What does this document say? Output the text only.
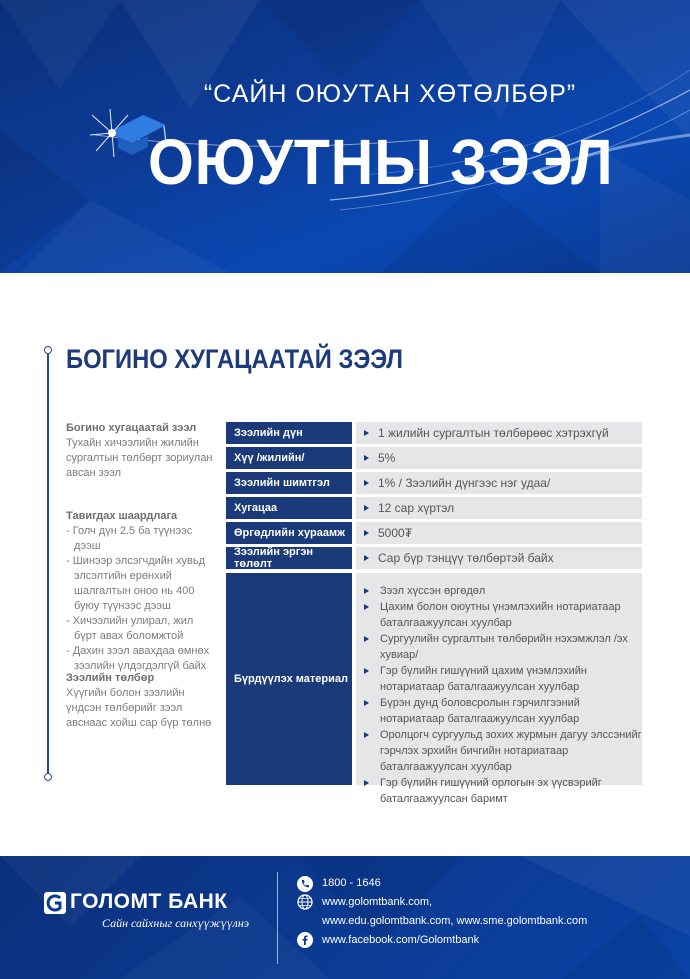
“САЙН ОЮУТАН ХӨТӨЛБӨР”
ОЮУТНЫ ЗЭЭЛ
БОГИНО ХУГАЦААТАЙ ЗЭЭЛ
Богино хугацаатай зээл
Тухайн хичээлийн жилийн сургалтын төлбөрт зориулан авсан зээл
Тавигдах шаардлага
- Голч дүн 2.5 ба түүнээс дээш
- Шинээр элсэгчдийн хувьд элсэлтийн ерөнхий шалгалтын оноо нь 400 буюу түүнээс дээш
- Хичээлийн улирал, жил бүрт авах боломжтой
- Дахин зээл авахдаа өмнөх зээлийн үлдэгдэлгүй байх
Зээлийн төлбөр
Хүүгийн болон зээлийн үндсэн төлбөрийг зээл авснаас хойш сар бүр төлнө
Зээлийн дүн	1 жилийн сургалтын төлбөрөөс хэтрэхгүй
Хүү /жилийн/	5%
Зээлийн шимтгэл	1% / Зээлийн дүнгээс нэг удаа/
Хугацаа	12 сар хүртэл
Өргөдлийн хураамж	5000₮
Зээлийн эргэн төлөлт	Сар бүр тэнцүү төлбөртэй байх
Бүрдүүлэх материал
Зээл хүссэн өргөдөл
Цахим болон оюутны үнэмлэхийн нотариатаар баталгаажуулсан хуулбар
Сургуулийн сургалтын төлбөрийн нэхэмжлэл /эх хувиар/
Гэр бүлийн гишүүний цахим үнэмлэхийн нотариатаар баталгаажуулсан хуулбар
Бүрэн дунд боловсролын гэрчилгээний нотариатаар баталгаажуулсан хуулбар
Оролцогч сургуульд зохих журмын дагуу элссэнийг гэрчлэх эрхийн бичгийн нотариатаар баталгаажуулсан хуулбар
Гэр бүлийн гишүүний орлогын эх үүсвэрийг баталгаажуулсан баримт
ГОЛОМТ БАНК
Сайн сайхныг санхүүжүүлнэ
1800 - 1646
www.golomtbank.com,
www.edu.golomtbank.com, www.sme.golomtbank.com
www.facebook.com/Golomtbank
